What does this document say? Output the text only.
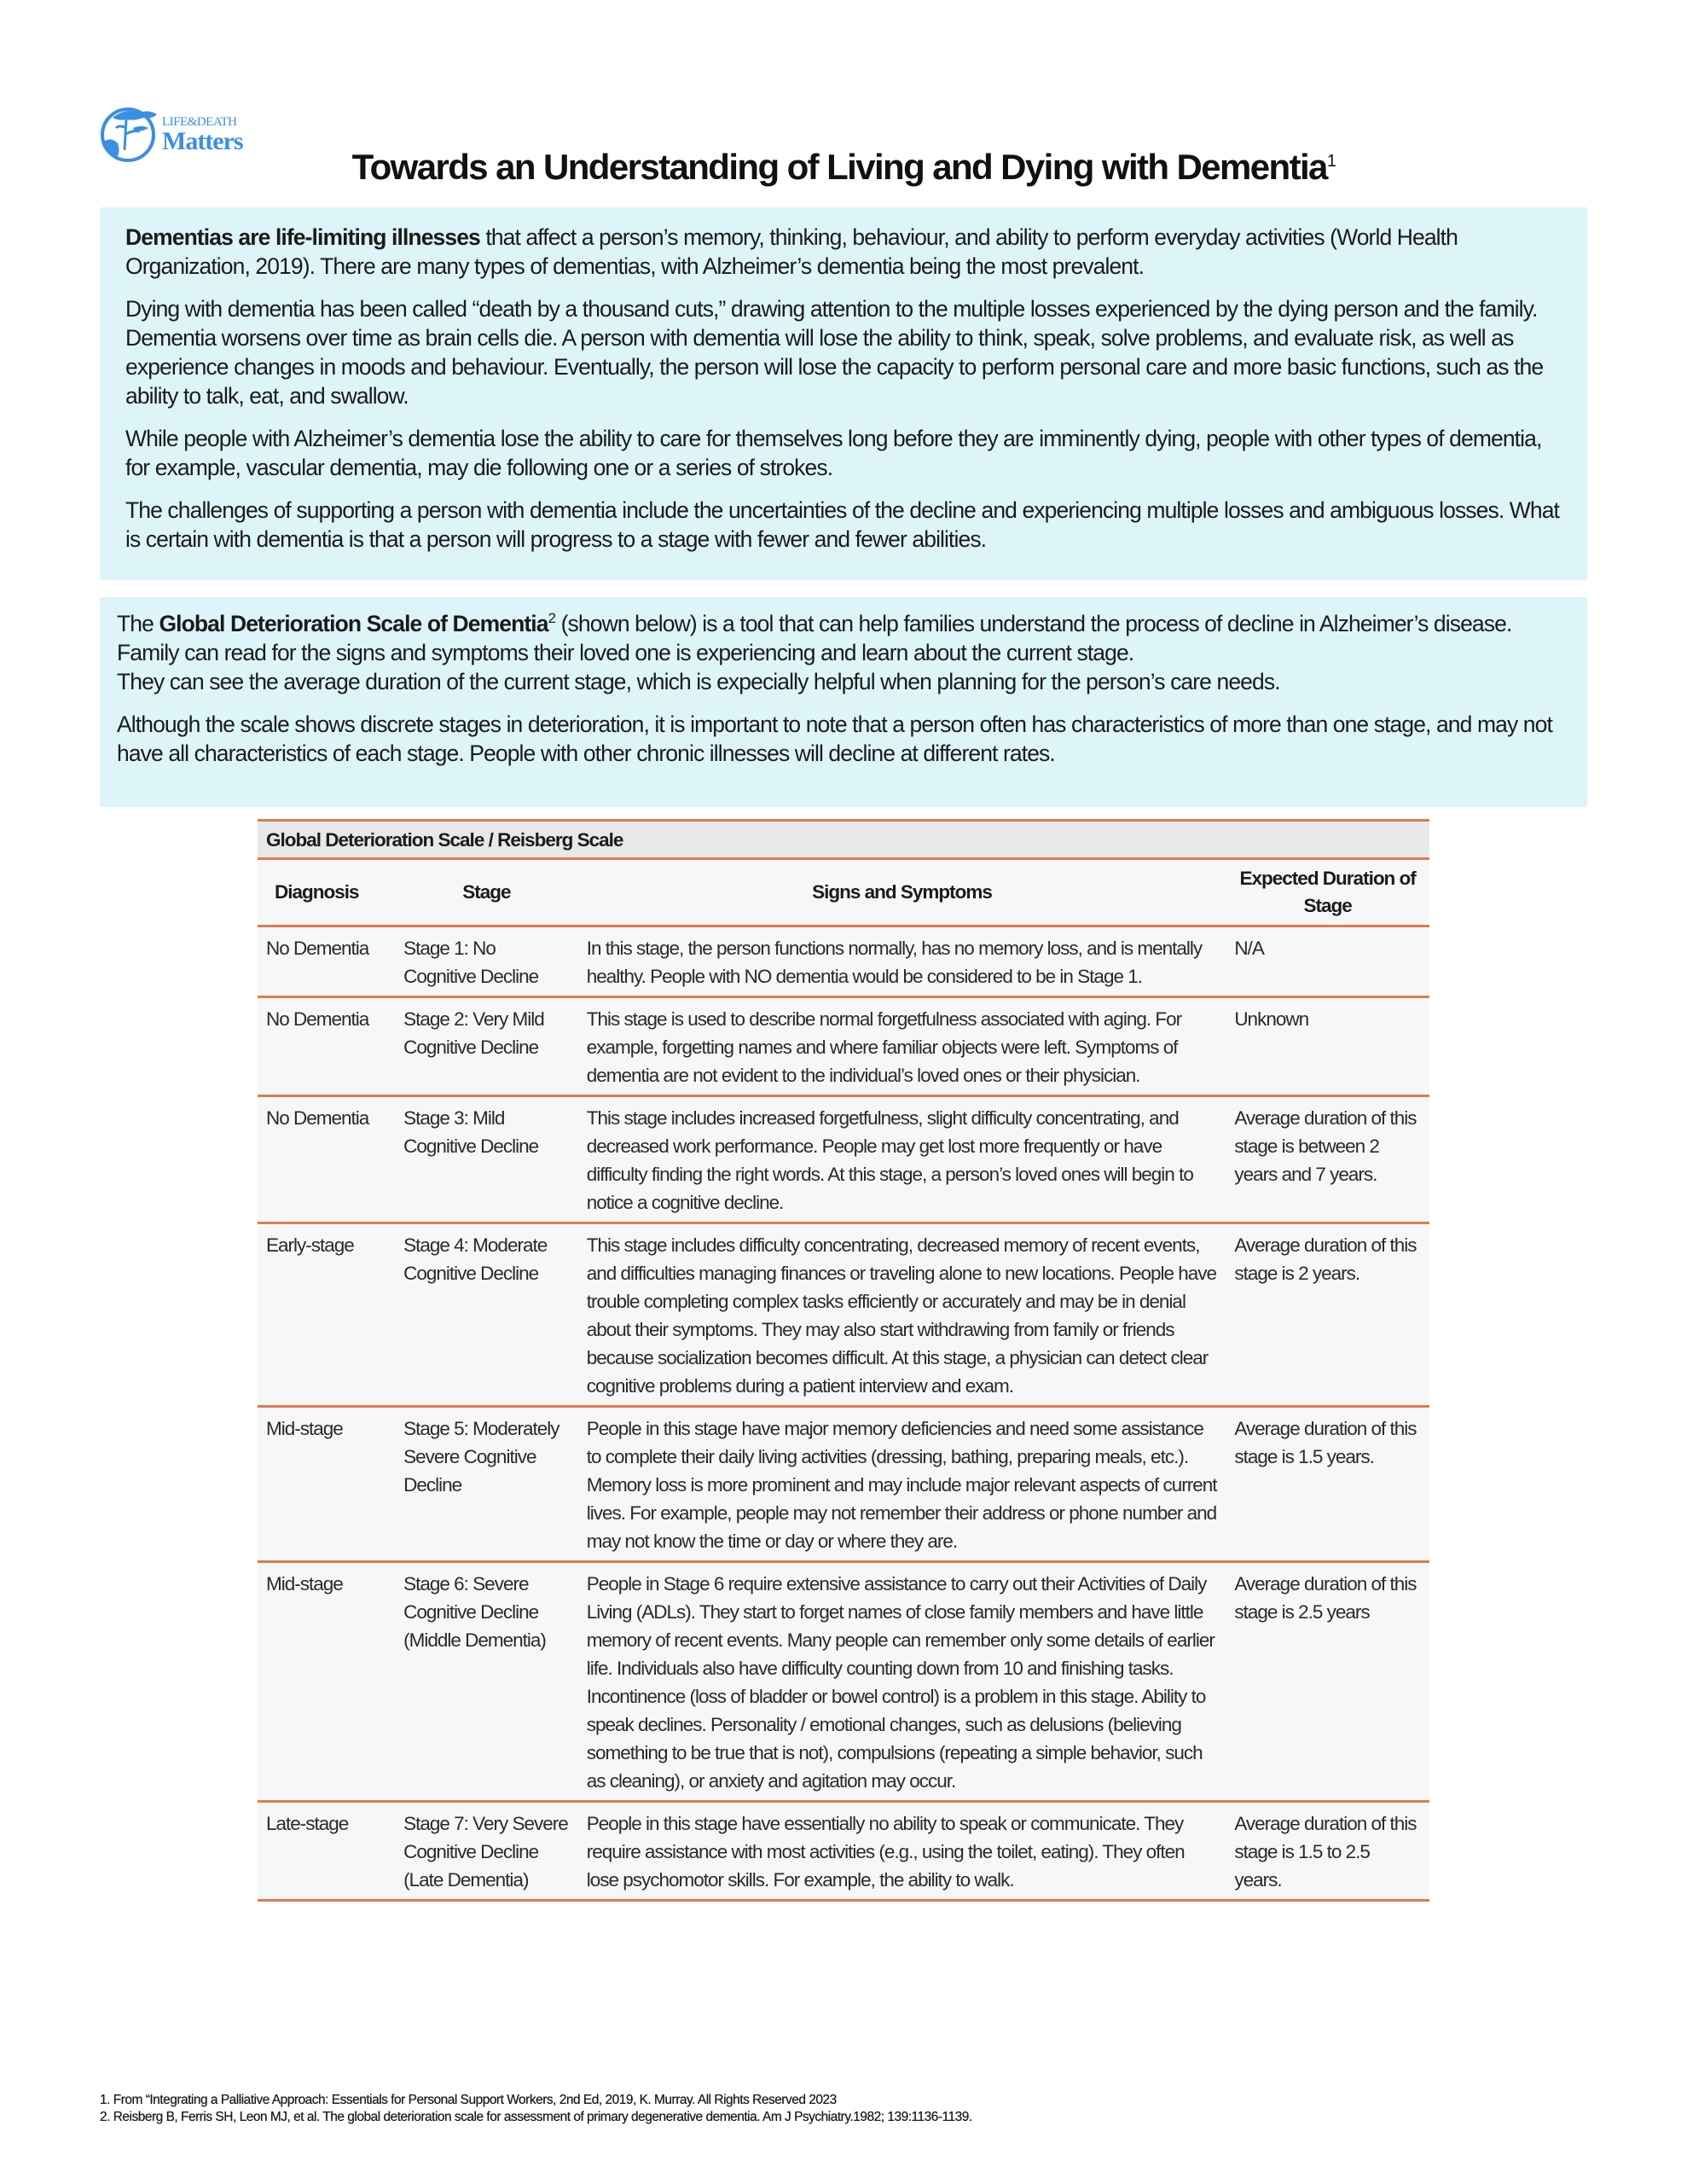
LIFE&DEATH
Matters
Towards an Understanding of Living and Dying with Dementia$^1$

Dementias are life-limiting illnesses that affect a person’s memory, thinking, behaviour, and ability to perform everyday activities (World Health Organization, 2019). There are many types of dementias, with Alzheimer’s dementia being the most prevalent.

Dying with dementia has been called “death by a thousand cuts,” drawing attention to the multiple losses experienced by the dying person and the family. Dementia worsens over time as brain cells die. A person with dementia will lose the ability to think, speak, solve problems, and evaluate risk, as well as experience changes in moods and behaviour. Eventually, the person will lose the capacity to perform personal care and more basic functions, such as the ability to talk, eat, and swallow.

While people with Alzheimer’s dementia lose the ability to care for themselves long before they are imminently dying, people with other types of dementia, for example, vascular dementia, may die following one or a series of strokes.

The challenges of supporting a person with dementia include the uncertainties of the decline and experiencing multiple losses and ambiguous losses. What is certain with dementia is that a person will progress to a stage with fewer and fewer abilities.

The Global Deterioration Scale of Dementia$^2$ (shown below) is a tool that can help families understand the process of decline in Alzheimer’s disease. Family can read for the signs and symptoms their loved one is experiencing and learn about the current stage.
They can see the average duration of the current stage, which is expecially helpful when planning for the person’s care needs.

Although the scale shows discrete stages in deterioration, it is important to note that a person often has characteristics of more than one stage, and may not have all characteristics of each stage. People with other chronic illnesses will decline at different rates.

Global Deterioration Scale / Reisberg Scale			
Diagnosis	Stage	Signs and Symptoms	Expected Duration of Stage
No Dementia	Stage 1: No Cognitive Decline	In this stage, the person functions normally, has no memory loss, and is mentally healthy. People with NO dementia would be considered to be in Stage 1.	N/A
No Dementia	Stage 2: Very Mild Cognitive Decline	This stage is used to describe normal forgetfulness associated with aging. For example, forgetting names and where familiar objects were left. Symptoms of dementia are not evident to the individual’s loved ones or their physician.	Unknown
No Dementia	Stage 3: Mild Cognitive Decline	This stage includes increased forgetfulness, slight difficulty concentrating, and decreased work performance. People may get lost more frequently or have difficulty finding the right words. At this stage, a person’s loved ones will begin to notice a cognitive decline.	Average duration of this stage is between 2 years and 7 years.
Early-stage	Stage 4: Moderate Cognitive Decline	This stage includes difficulty concentrating, decreased memory of recent events, and difficulties managing finances or traveling alone to new locations. People have trouble completing complex tasks efficiently or accurately and may be in denial about their symptoms. They may also start withdrawing from family or friends because socialization becomes difficult. At this stage, a physician can detect clear cognitive problems during a patient interview and exam.	Average duration of this stage is 2 years.
Mid-stage	Stage 5: Moderately Severe Cognitive Decline	People in this stage have major memory deficiencies and need some assistance to complete their daily living activities (dressing, bathing, preparing meals, etc.). Memory loss is more prominent and may include major relevant aspects of current lives. For example, people may not remember their address or phone number and may not know the time or day or where they are.	Average duration of this stage is 1.5 years.
Mid-stage	Stage 6: Severe Cognitive Decline (Middle Dementia)	People in Stage 6 require extensive assistance to carry out their Activities of Daily Living (ADLs). They start to forget names of close family members and have little memory of recent events. Many people can remember only some details of earlier life. Individuals also have difficulty counting down from 10 and finishing tasks. Incontinence (loss of bladder or bowel control) is a problem in this stage. Ability to speak declines. Personality / emotional changes, such as delusions (believing something to be true that is not), compulsions (repeating a simple behavior, such as cleaning), or anxiety and agitation may occur.	Average duration of this stage is 2.5 years
Late-stage	Stage 7: Very Severe Cognitive Decline (Late Dementia)	People in this stage have essentially no ability to speak or communicate. They require assistance with most activities (e.g., using the toilet, eating). They often lose psychomotor skills. For example, the ability to walk.	Average duration of this stage is 1.5 to 2.5 years.
1. From “Integrating a Palliative Approach: Essentials for Personal Support Workers, 2nd Ed, 2019, K. Murray. All Rights Reserved 2023
2. Reisberg B, Ferris SH, Leon MJ, et al. The global deterioration scale for assessment of primary degenerative dementia. Am J Psychiatry.1982; 139:1136-1139.
